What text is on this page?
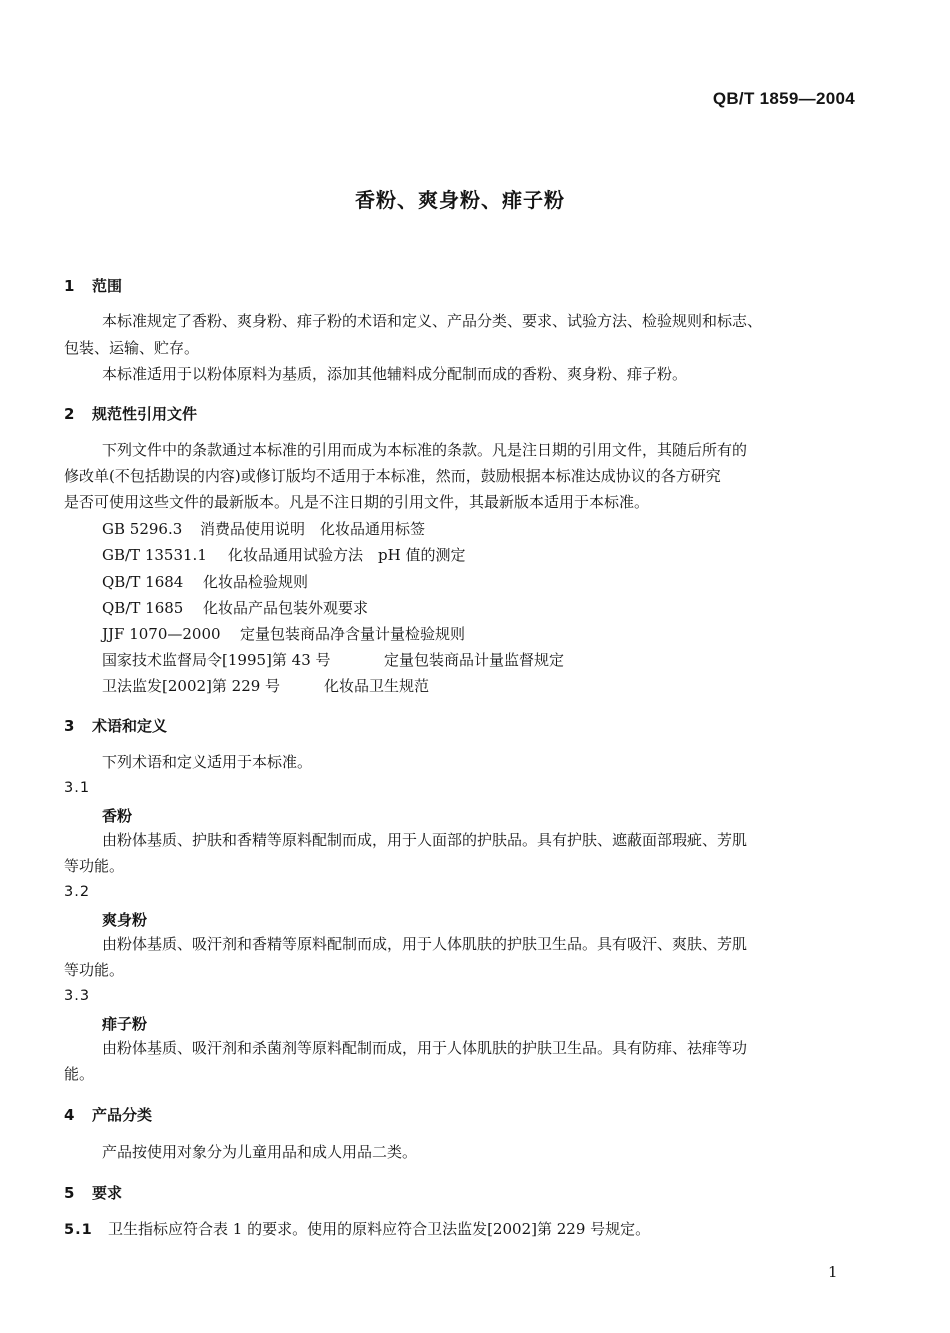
QB/T 1859—2004
香粉、爽身粉、痱子粉
1 范围
本标准规定了香粉、爽身粉、痱子粉的术语和定义、产品分类、要求、试验方法、检验规则和标志、
包装、运输、贮存。
本标准适用于以粉体原料为基质，添加其他辅料成分配制而成的香粉、爽身粉、痱子粉。
2 规范性引用文件
下列文件中的条款通过本标准的引用而成为本标准的条款。凡是注日期的引用文件，其随后所有的
修改单(不包括勘误的内容)或修订版均不适用于本标准，然而，鼓励根据本标准达成协议的各方研究
是否可使用这些文件的最新版本。凡是不注日期的引用文件，其最新版本适用于本标准。
GB 5296.3 消费品使用说明　化妆品通用标签
GB/T 13531.1 化妆品通用试验方法　pH 值的测定
QB/T 1684 化妆品检验规则
QB/T 1685 化妆品产品包装外观要求
JJF 1070—2000 定量包装商品净含量计量检验规则
国家技术监督局令[1995]第 43 号	定量包装商品计量监督规定
卫法监发[2002]第 229 号	化妆品卫生规范
3 术语和定义
下列术语和定义适用于本标准。
3.1
香粉
由粉体基质、护肤和香精等原料配制而成，用于人面部的护肤品。具有护肤、遮蔽面部瑕疵、芳肌
等功能。
3.2
爽身粉
由粉体基质、吸汗剂和香精等原料配制而成，用于人体肌肤的护肤卫生品。具有吸汗、爽肤、芳肌
等功能。
3.3
痱子粉
由粉体基质、吸汗剂和杀菌剂等原料配制而成，用于人体肌肤的护肤卫生品。具有防痱、祛痱等功
能。
4 产品分类
产品按使用对象分为儿童用品和成人用品二类。
5 要求
5.1 卫生指标应符合表 1 的要求。使用的原料应符合卫法监发[2002]第 229 号规定。
1
